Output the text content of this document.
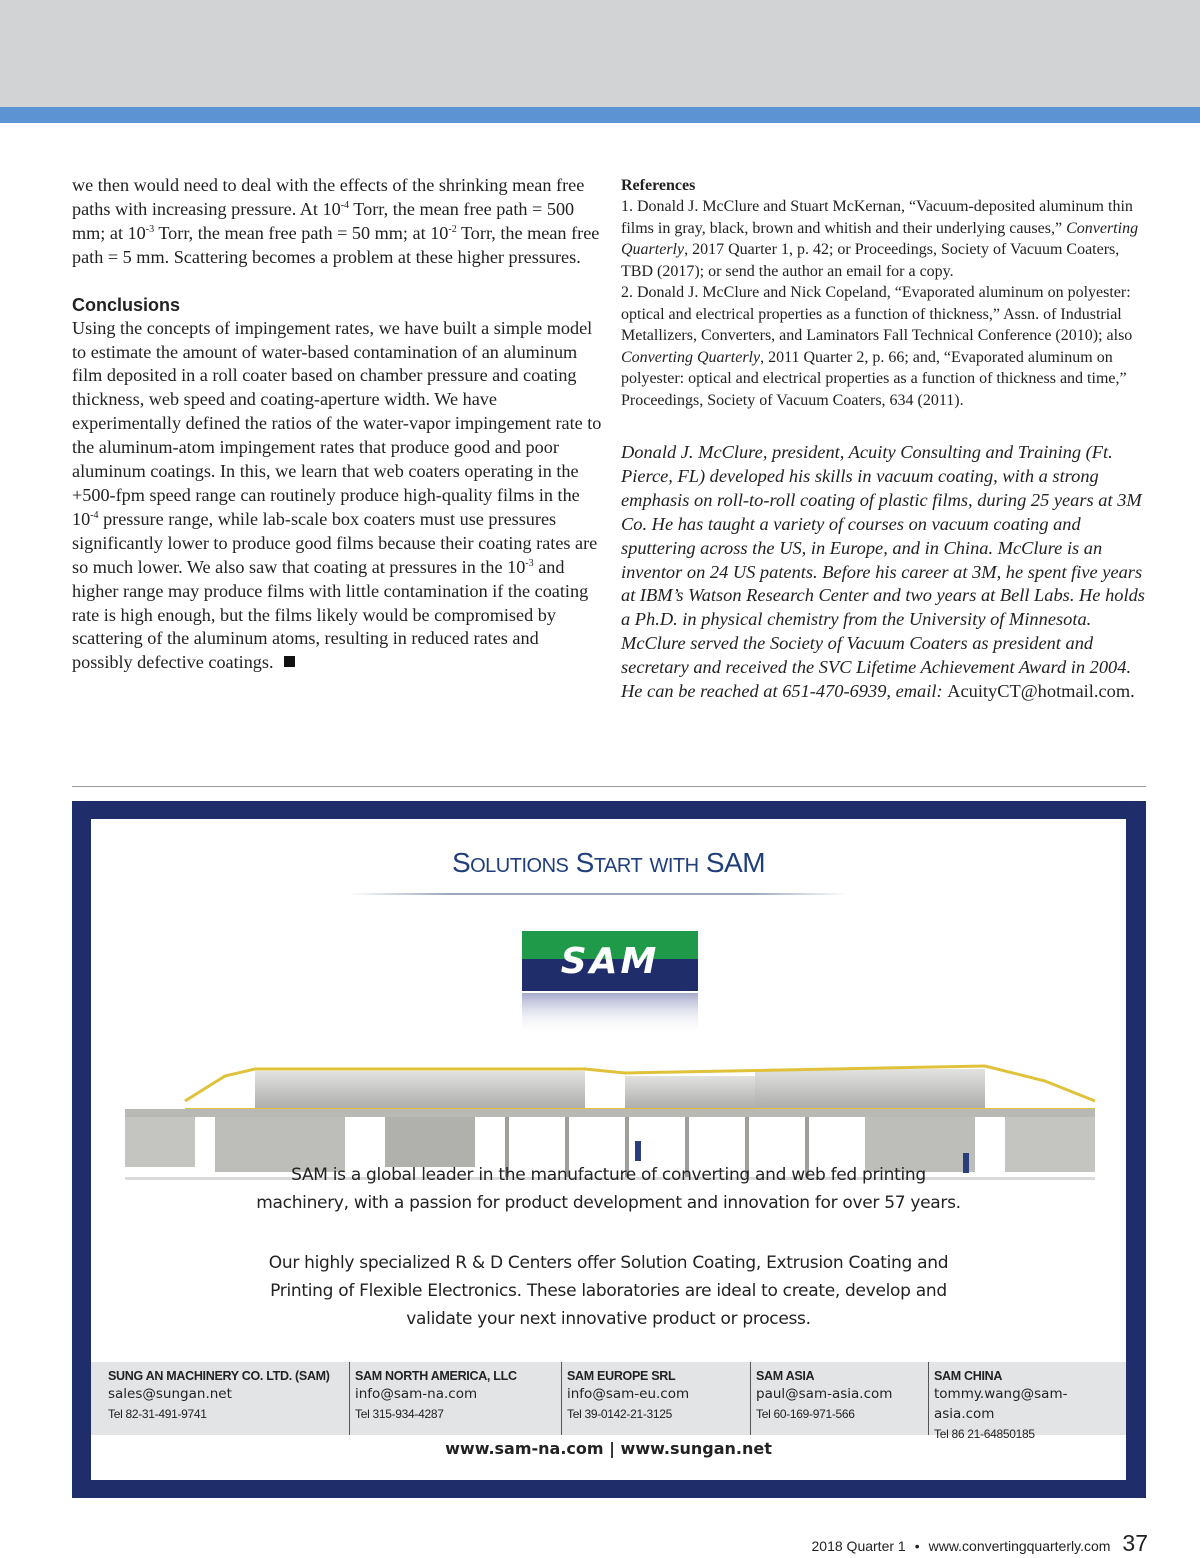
we then would need to deal with the effects of the shrinking mean free paths with increasing pressure. At $10^{-4}$ Torr, the mean free path = 500 mm; at $10^{-3}$ Torr, the mean free path = 50 mm; at $10^{-2}$ Torr, the mean free path = 5 mm. Scattering becomes a problem at these higher pressures.

Conclusions

Using the concepts of impingement rates, we have built a simple model to estimate the amount of water-based contamination of an aluminum film deposited in a roll coater based on chamber pressure and coating thickness, web speed and coating-aperture width. We have experimentally defined the ratios of the water-vapor impingement rate to the aluminum-atom impingement rates that produce good and poor aluminum coatings. In this, we learn that web coaters operating in the +500-fpm speed range can routinely produce high-quality films in the $10^{-4}$ pressure range, while lab-scale box coaters must use pressures significantly lower to produce good films because their coating rates are so much lower. We also saw that coating at pressures in the $10^{-3}$ and higher range may produce films with little contamination if the coating rate is high enough, but the films likely would be compromised by scattering of the aluminum atoms, resulting in reduced rates and possibly defective coatings.

References

1. Donald J. McClure and Stuart McKernan, “Vacuum-deposited aluminum thin films in gray, black, brown and whitish and their underlying causes,” Converting Quarterly, 2017 Quarter 1, p. 42; or Proceedings, Society of Vacuum Coaters, TBD (2017); or send the author an email for a copy.

2. Donald J. McClure and Nick Copeland, “Evaporated aluminum on polyester: optical and electrical properties as a function of thickness,” Assn. of Industrial Metallizers, Converters, and Laminators Fall Technical Conference (2010); also Converting Quarterly, 2011 Quarter 2, p. 66; and, “Evaporated aluminum on polyester: optical and electrical properties as a function of thickness and time,” Proceedings, Society of Vacuum Coaters, 634 (2011).

Donald J. McClure, president, Acuity Consulting and Training (Ft. Pierce, FL) developed his skills in vacuum coating, with a strong emphasis on roll-to-roll coating of plastic films, during 25 years at 3M Co. He has taught a variety of courses on vacuum coating and sputtering across the US, in Europe, and in China. McClure is an inventor on 24 US patents. Before his career at 3M, he spent five years at IBM’s Watson Research Center and two years at Bell Labs. He holds a Ph.D. in physical chemistry from the University of Minnesota. McClure served the Society of Vacuum Coaters as president and secretary and received the SVC Lifetime Achievement Award in 2004. He can be reached at 651-470-6939, email: AcuityCT@hotmail.com.

Solutions Start with SAM
SAM
SAM is a global leader in the manufacture of converting and web fed printing
machinery, with a passion for product development and innovation for over 57 years.
Our highly specialized R & D Centers offer Solution Coating, Extrusion Coating and
Printing of Flexible Electronics. These laboratories are ideal to create, develop and
validate your next innovative product or process.
SUNG AN MACHINERY CO. LTD. (SAM)
sales@sungan.net
Tel 82-31-491-9741
SAM NORTH AMERICA, LLC
info@sam-na.com
Tel 315-934-4287
SAM EUROPE SRL
info@sam-eu.com
Tel 39-0142-21-3125
SAM ASIA
paul@sam-asia.com
Tel 60-169-971-566
SAM CHINA
tommy.wang@sam-asia.com
Tel 86 21-64850185
www.sam-na.com | www.sungan.net
2018 Quarter 1 • www.convertingquarterly.com 37
